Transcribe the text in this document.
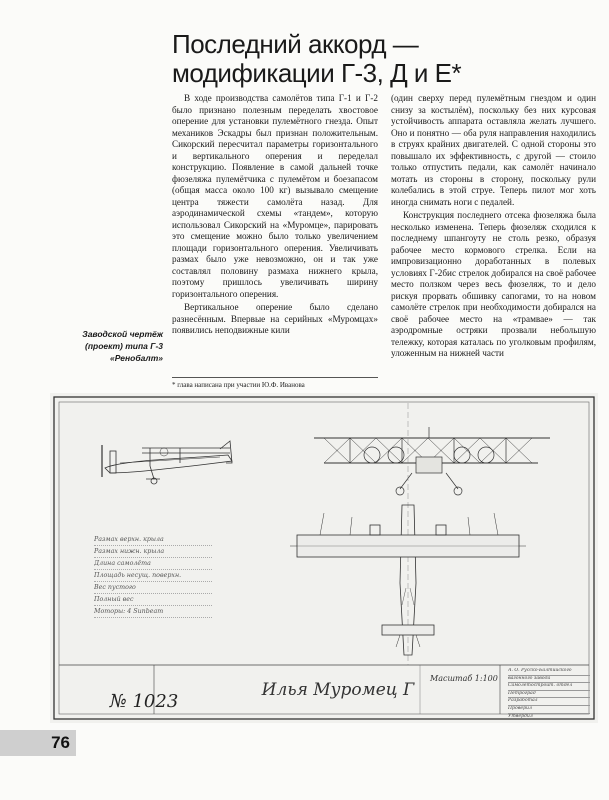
Последний аккорд —
модификации Г-3, Д и Е*

В ходе производства самолётов типа Г-1 и Г-2 было признано полезным переделать хвостовое оперение для установки пулемётного гнезда. Опыт механиков Эскадры был признан положительным. Сикорский пересчитал параметры горизонтального и вертикального оперения и переделал конструкцию. Появление в самой дальней точке фюзеляжа пулемётчика с пулемётом и боезапасом (общая масса около 100 кг) вызывало смещение центра тяжести самолёта назад. Для аэродинамической схемы «тандем», которую использовал Сикорский на «Муромце», парировать это смещение можно было только увеличением площади горизонтального оперения. Увеличивать размах было уже невозможно, он и так уже составлял половину размаха нижнего крыла, поэтому пришлось увеличивать ширину горизонтального оперения.

Вертикальное оперение было сделано разнесённым. Впервые на серийных «Муромцах» появились неподвижные кили

(один сверху перед пулемётным гнездом и один снизу за костылём), поскольку без них курсовая устойчивость аппарата оставляла желать лучшего. Оно и понятно — оба руля направления находились в струях крайних двигателей. С одной стороны это повышало их эффективность, с другой — стоило только отпустить педали, как самолёт начинало мотать из стороны в сторону, поскольку рули колебались в этой струе. Теперь пилот мог хоть иногда снимать ноги с педалей.

Конструкция последнего отсека фюзеляжа была несколько изменена. Теперь фюзеляж сходился к последнему шпангоуту не столь резко, образуя рабочее место кормового стрелка. Если на импровизационно доработанных в полевых условиях Г-2бис стрелок добирался на своё рабочее место ползком через весь фюзеляж, то и дело рискуя прорвать обшивку сапогами, то на новом самолёте стрелок при необходимости добирался на своё рабочее место на «трамвае» — так аэродромные остряки прозвали небольшую тележку, которая каталась по уголковым профилям, уложенным на нижней части

Заводской чертёж
(проект) типа Г-3
«Ренобалт»
* глава написана при участии Ю.Ф. Иванова
Размах верхн. крыла
Размах нижн. крыла
Длина самолёта
Площадь несущ. поверхн.
Вес пустого
Полный вес
Моторы: 4 Sunbeam
Масштаб 1:100
№ 1023
Илья Муромец Г
А. О. Русско-Балтийского
вагонного завода
Самолётостроит. отдел
Петроград
Разработал
Проверил
Утвердил
76
